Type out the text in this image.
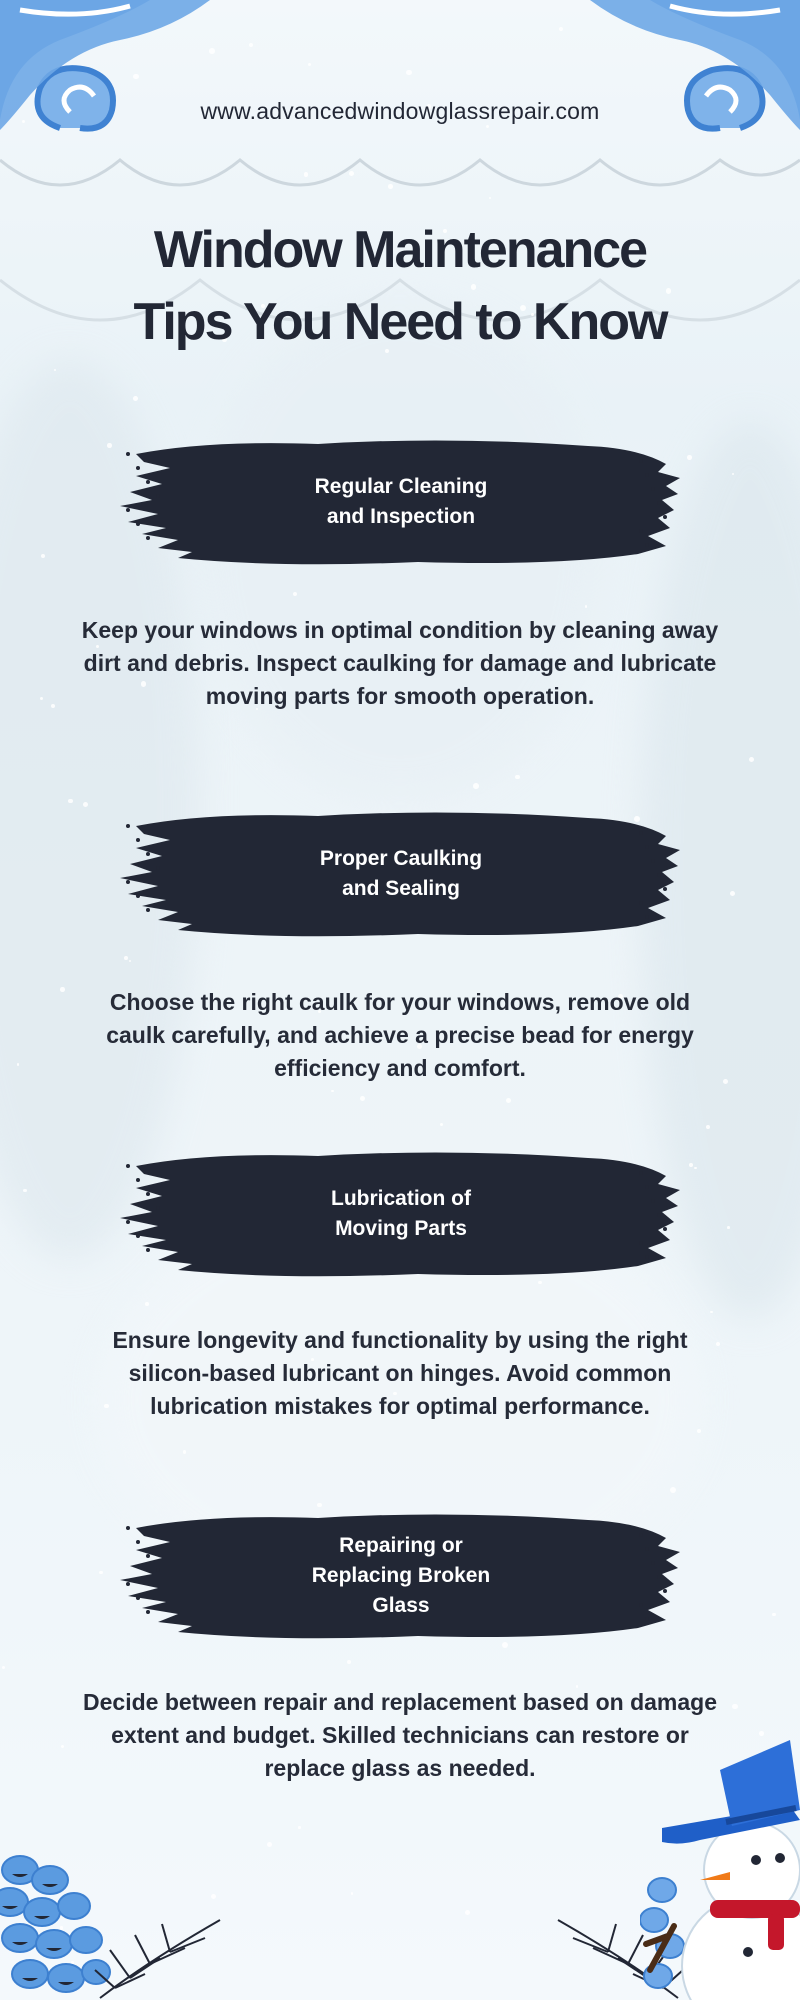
www.advancedwindowglassrepair.com
Window Maintenance
Tips You Need to Know
Regular Cleaning and Inspection
Keep your windows in optimal condition by cleaning away dirt and debris. Inspect caulking for damage and lubricate moving parts for smooth operation.
Proper Caulking and Sealing
Choose the right caulk for your windows, remove old caulk carefully, and achieve a precise bead for energy efficiency and comfort.
Lubrication of Moving Parts
Ensure longevity and functionality by using the right silicon-based lubricant on hinges. Avoid common lubrication mistakes for optimal performance.
Repairing or Replacing Broken Glass
Decide between repair and replacement based on damage extent and budget. Skilled technicians can restore or replace glass as needed.
